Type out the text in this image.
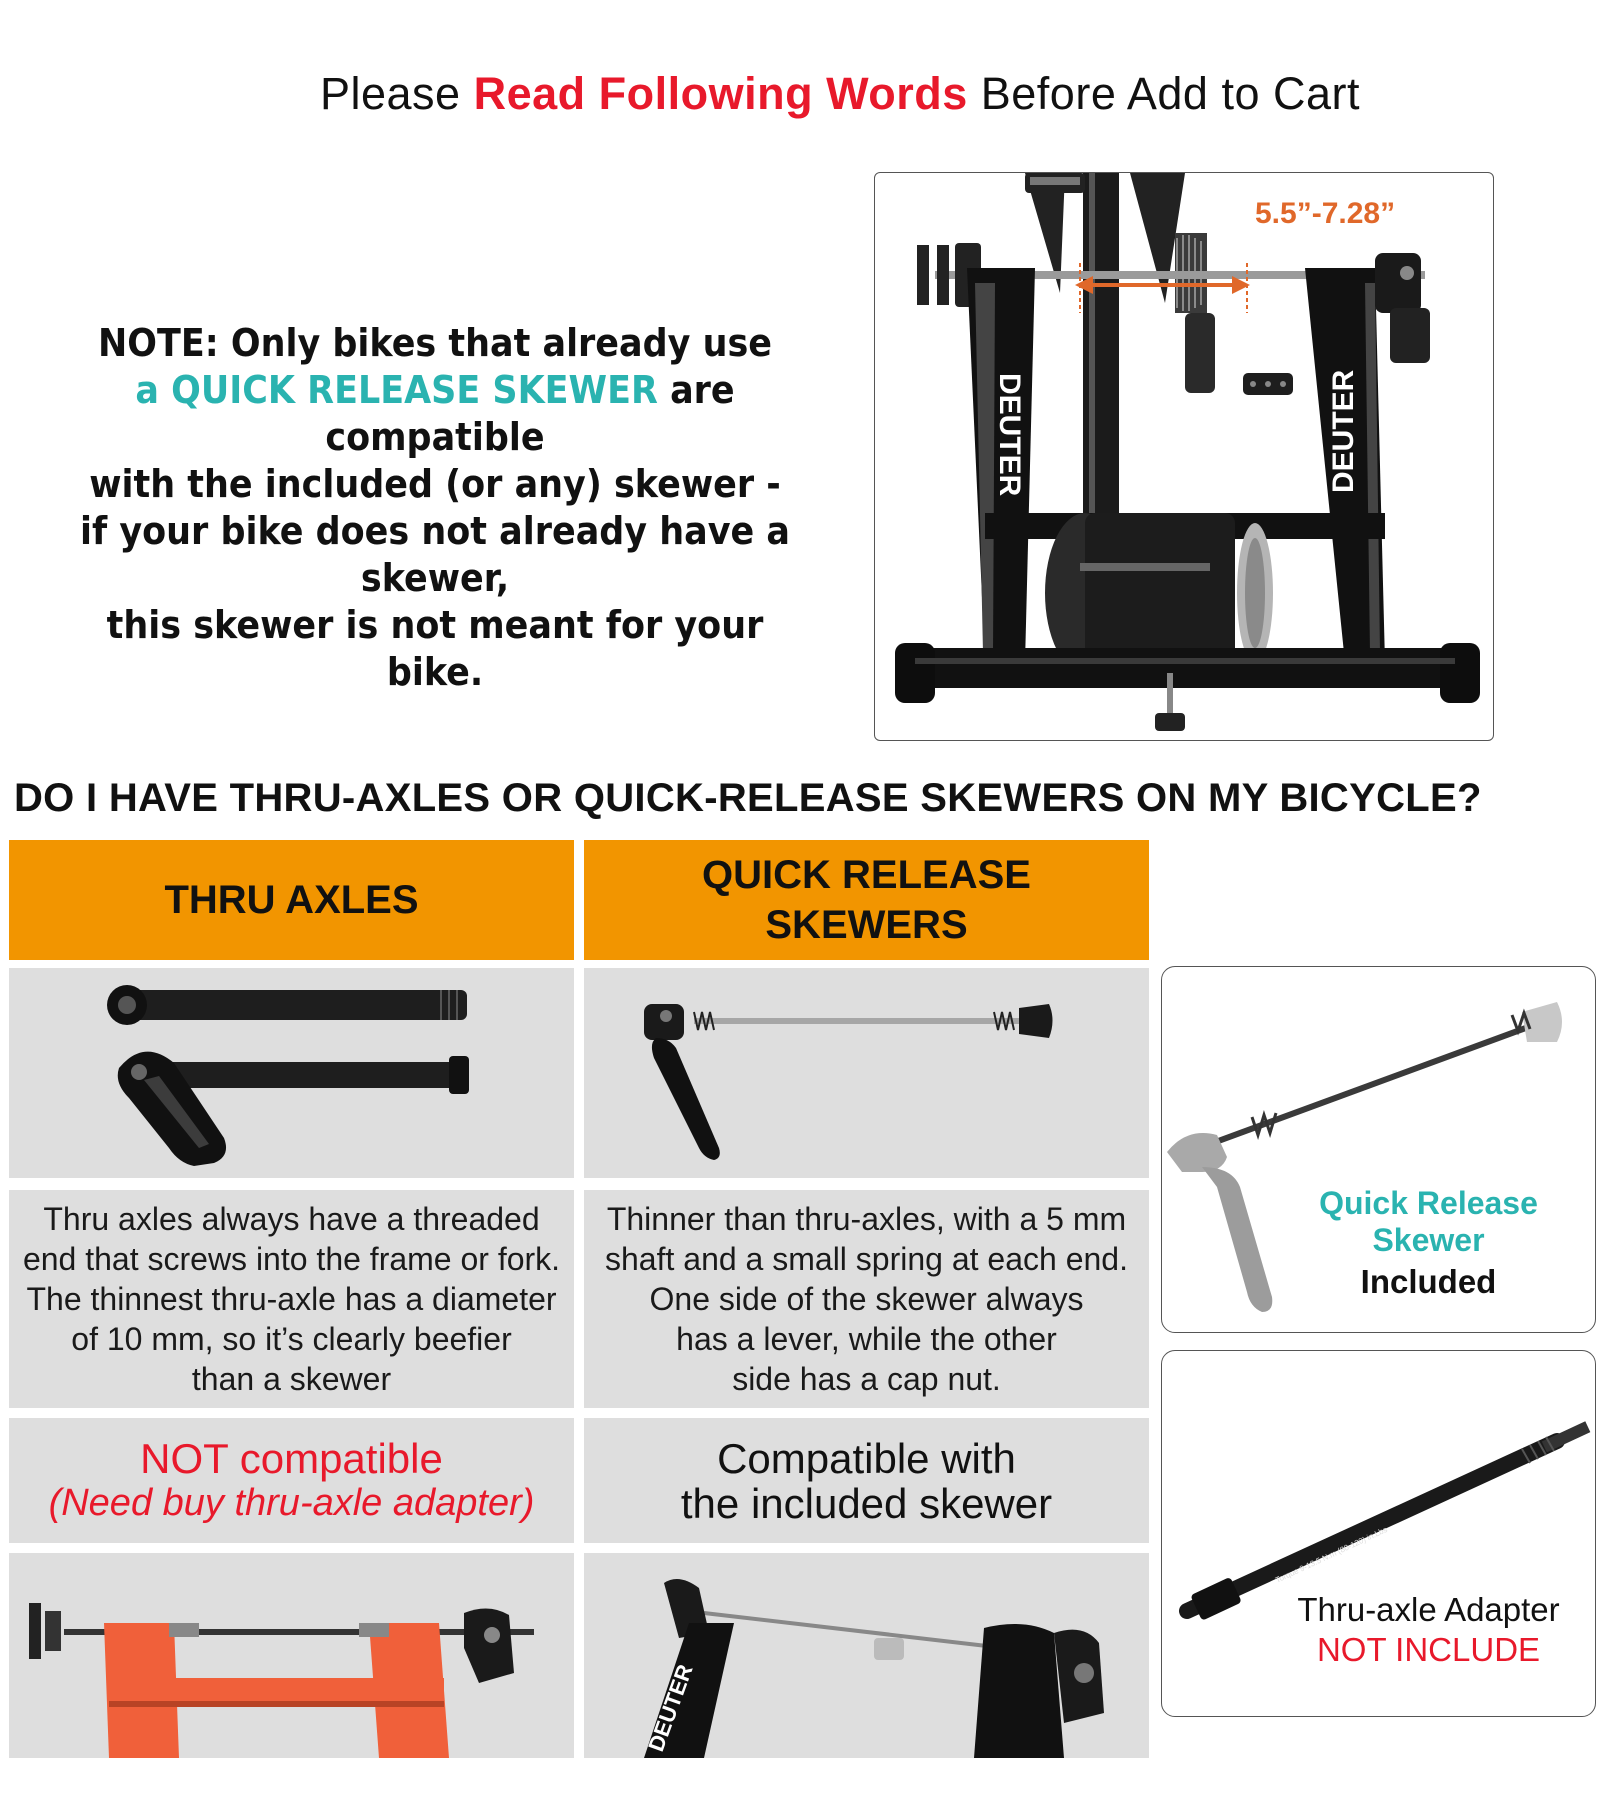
Please Read Following Words Before Add to Cart
NOTE: Only bikes that already use
a QUICK RELEASE SKEWER are compatible
with the included (or any) skewer -
if your bike does not already have a skewer,
this skewer is not meant for your bike.
5.5”-7.28”
DEUTER	DEUTER
DO I HAVE THRU-AXLES OR QUICK-RELEASE SKEWERS ON MY BICYCLE?
THRU AXLES
QUICK RELEASE
SKEWERS
Thru axles always have a threaded
end that screws into the frame or fork.
The thinnest thru-axle has a diameter
of 10 mm, so it’s clearly beefier
than a skewer
Thinner than thru-axles, with a 5 mm
shaft and a small spring at each end.
One side of the skewer always
has a lever, while the other
side has a cap nut.
NOT compatible
(Need buy thru-axle adapter)
Compatible with
the included skewer
DEUTER
Quick Release Skewer
Included
Torque 9-13.5 N.m (80-120) in.Lbs
Thru-axle Adapter
NOT INCLUDE
